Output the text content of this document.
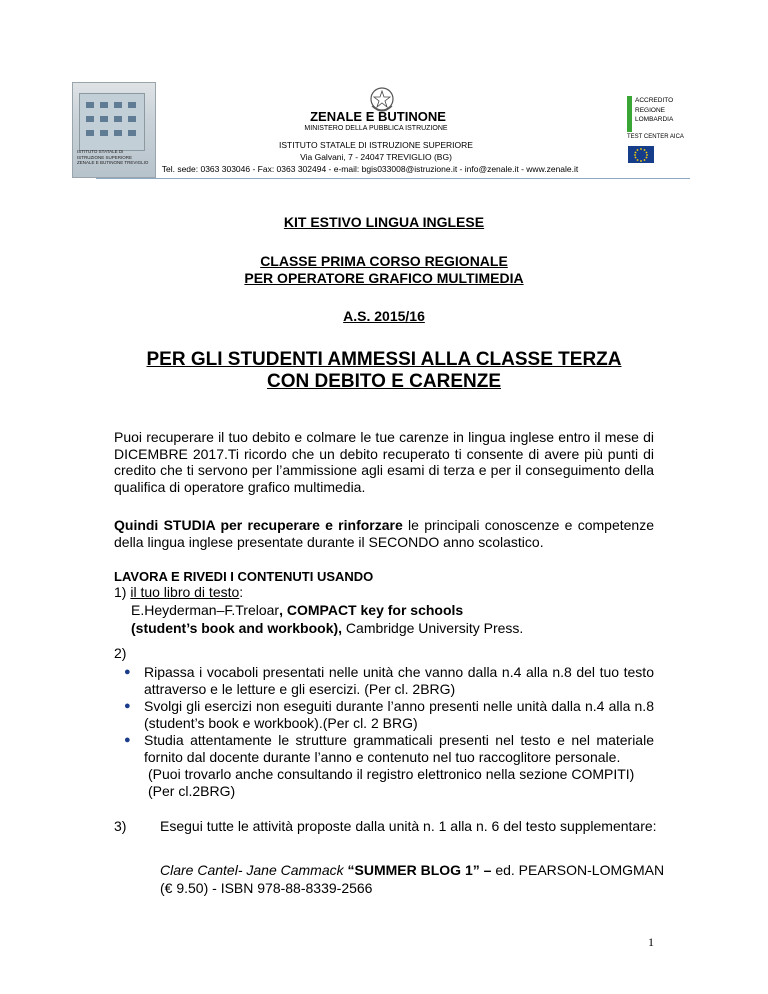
ISTITUTO STATALE DI ISTRUZIONE SUPERIORE ZENALE E BUTINONE TREVIGLIO
ZENALE E BUTINONE
MINISTERO DELLA PUBBLICA ISTRUZIONE
ISTITUTO STATALE DI ISTRUZIONE SUPERIORE
Via Galvani, 7 - 24047 TREVIGLIO (BG)
Tel. sede: 0363 303046 - Fax: 0363 302494 - e-mail: bgis033008@istruzione.it - info@zenale.it - www.zenale.it
ACCREDITO
REGIONE
LOMBARDIA
TEST CENTER AICA
KIT ESTIVO LINGUA INGLESE
CLASSE PRIMA CORSO REGIONALE
PER OPERATORE GRAFICO MULTIMEDIA
A.S. 2015/16
PER GLI STUDENTI AMMESSI ALLA CLASSE TERZA
CON DEBITO E CARENZE
Puoi recuperare il tuo debito e colmare le tue carenze in lingua inglese entro il mese di DICEMBRE 2017.Ti ricordo che un debito recuperato ti consente di avere più punti di credito che ti servono per l’ammissione agli esami di terza e per il conseguimento della qualifica di operatore grafico multimedia.
Quindi STUDIA per recuperare e rinforzare le principali conoscenze e competenze della lingua inglese presentate durante il SECONDO anno scolastico.
LAVORA E RIVEDI I CONTENUTI USANDO
1) il tuo libro di testo:
E.Heyderman–F.Treloar, COMPACT key for schools
(student’s book and workbook), Cambridge University Press.
2)
● Ripassa i vocaboli presentati nelle unità che vanno dalla n.4 alla n.8 del tuo testo attraverso e le letture e gli esercizi. (Per cl. 2BRG)
● Svolgi gli esercizi non eseguiti durante l’anno presenti nelle unità dalla n.4 alla n.8 (student’s book e workbook).(Per cl. 2 BRG)
● Studia attentamente le strutture grammaticali presenti nel testo e nel materiale fornito dal docente durante l’anno e contenuto nel tuo raccoglitore personale.
(Puoi trovarlo anche consultando il registro elettronico nella sezione COMPITI)
(Per cl.2BRG)
3) Esegui tutte le attività proposte dalla unità n. 1 alla n. 6 del testo supplementare:
Clare Cantel- Jane Cammack “SUMMER BLOG 1” – ed. PEARSON-LOMGMAN
(€ 9.50) - ISBN 978-88-8339-2566
1
